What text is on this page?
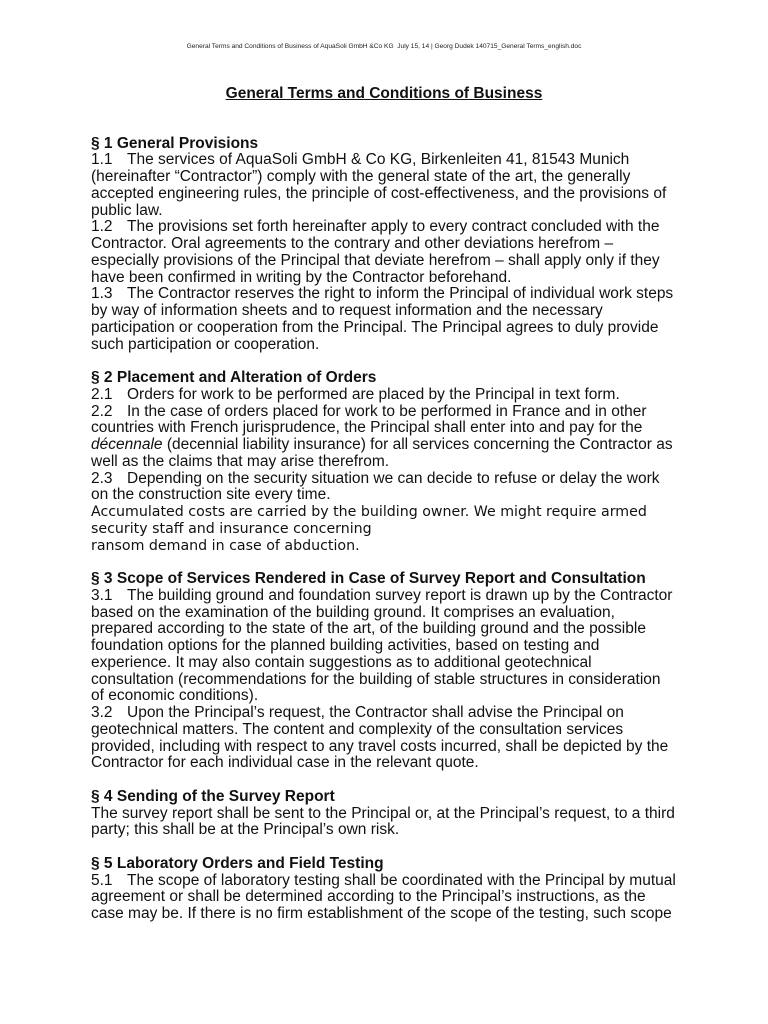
General Terms and Conditions of Business of AquaSoli GmbH &Co KG  July 15, 14 | Georg Dudek 140715_General Terms_english.doc
General Terms and Conditions of Business
§ 1 General Provisions
1.1 The services of AquaSoli GmbH & Co KG, Birkenleiten 41, 81543 Munich
(hereinafter “Contractor”) comply with the general state of the art, the generally
accepted engineering rules, the principle of cost-effectiveness, and the provisions of
public law.
1.2 The provisions set forth hereinafter apply to every contract concluded with the
Contractor. Oral agreements to the contrary and other deviations herefrom –
especially provisions of the Principal that deviate herefrom – shall apply only if they
have been confirmed in writing by the Contractor beforehand.
1.3 The Contractor reserves the right to inform the Principal of individual work steps
by way of information sheets and to request information and the necessary
participation or cooperation from the Principal. The Principal agrees to duly provide
such participation or cooperation.
§ 2 Placement and Alteration of Orders
2.1 Orders for work to be performed are placed by the Principal in text form.
2.2 In the case of orders placed for work to be performed in France and in other
countries with French jurisprudence, the Principal shall enter into and pay for the
décennale (decennial liability insurance) for all services concerning the Contractor as
well as the claims that may arise therefrom.
2.3 Depending on the security situation we can decide to refuse or delay the work
on the construction site every time.
Accumulated costs are carried by the building owner. We might require armed
security staff and insurance concerning
ransom demand in case of abduction.
§ 3 Scope of Services Rendered in Case of Survey Report and Consultation
3.1 The building ground and foundation survey report is drawn up by the Contractor
based on the examination of the building ground. It comprises an evaluation,
prepared according to the state of the art, of the building ground and the possible
foundation options for the planned building activities, based on testing and
experience. It may also contain suggestions as to additional geotechnical
consultation (recommendations for the building of stable structures in consideration
of economic conditions).
3.2 Upon the Principal’s request, the Contractor shall advise the Principal on
geotechnical matters. The content and complexity of the consultation services
provided, including with respect to any travel costs incurred, shall be depicted by the
Contractor for each individual case in the relevant quote.
§ 4 Sending of the Survey Report
The survey report shall be sent to the Principal or, at the Principal’s request, to a third
party; this shall be at the Principal’s own risk.
§ 5 Laboratory Orders and Field Testing
5.1 The scope of laboratory testing shall be coordinated with the Principal by mutual
agreement or shall be determined according to the Principal’s instructions, as the
case may be. If there is no firm establishment of the scope of the testing, such scope
